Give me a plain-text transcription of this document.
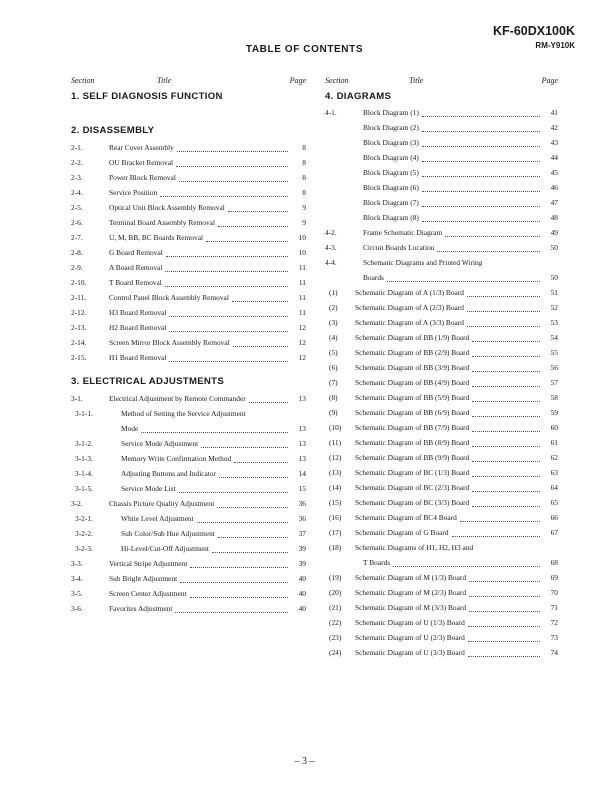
KF-60DX100K
RM-Y910K
TABLE OF CONTENTS
Section	Title	Page
1. SELF DIAGNOSIS FUNCTION
2. DISASSEMBLY
2-1.	Rear Cover Assembly	8
2-2.	OU Bracket Removal	8
2-3.	Power Block Removal	8
2-4.	Service Position	8
2-5.	Optical Unit Block Assembly Removal	9
2-6.	Terminal Board Assembly Removal	9
2-7.	U, M, BB, BC Boards Removal	10
2-8.	G Board Removal	10
2-9.	A Board Removal	11
2-10.	T Board Removal	11
2-11.	Control Panel Block Assembly Removal	11
2-12.	H3 Board Removal	11
2-13.	H2 Board Removal	12
2-14.	Screen Mirror Block Assembly Removal	12
2-15.	H1 Board Removal	12
3. ELECTRICAL ADJUSTMENTS
3-1.	Electrical Adjustment by Remote Commander	13
3-1-1.	Method of Setting the Service Adjustment
Mode	13
3-1-2.	Service Mode Adjustment	13
3-1-3.	Memory Write Confirmation Method	13
3-1-4.	Adjusting Buttons and Indicator	14
3-1-5.	Service Mode List	15
3-2.	Chassis Picture Quality Adjustment	36
3-2-1.	White Level Adjustment	36
3-2-2.	Sub Color/Sub Hue Adjustment	37
3-2-3.	Hi-Level/Cut-Off Adjustment	39
3-3.	Vertical Stripe Adjustment	39
3-4.	Sub Bright Adjustment	40
3-5.	Screen Center Adjustment	40
3-6.	Favorites Adjustment	40
Section	Title	Page
4. DIAGRAMS
4-1.	Block Diagram (1)	41
Block Diagram (2)	42
Block Diagram (3)	43
Block Diagram (4)	44
Block Diagram (5)	45
Block Diagram (6)	46
Block Diagram (7)	47
Block Diagram (8)	48
4-2.	Frame Schematic Diagram	49
4-3.	Circuit Boards Location	50
4-4.	Schematic Diagrams and Printed Wiring
Boards	50
(1)	Schematic Diagram of A (1/3) Board	51
(2)	Schematic Diagram of A (2/3) Board	52
(3)	Schematic Diagram of A (3/3) Board	53
(4)	Schematic Diagram of BB (1/9) Board	54
(5)	Schematic Diagram of BB (2/9) Board	55
(6)	Schematic Diagram of BB (3/9) Board	56
(7)	Schematic Diagram of BB (4/9) Board	57
(8)	Schematic Diagram of BB (5/9) Board	58
(9)	Schematic Diagram of BB (6/9) Board	59
(10)	Schematic Diagram of BB (7/9) Board	60
(11)	Schematic Diagram of BB (8/9) Board	61
(12)	Schematic Diagram of BB (9/9) Board	62
(13)	Schematic Diagram of BC (1/3) Board	63
(14)	Schematic Diagram of BC (2/3) Board	64
(15)	Schematic Diagram of BC (3/3) Board	65
(16)	Schematic Diagram of BC4 Board	66
(17)	Schematic Diagram of G Board	67
(18)	Schematic Diagrams of H1, H2, H3 and
T Boards	68
(19)	Schematic Diagram of M (1/3) Board	69
(20)	Schematic Diagram of M (2/3) Board	70
(21)	Schematic Diagram of M (3/3) Board	71
(22)	Schematic Diagram of U (1/3) Board	72
(23)	Schematic Diagram of U (2/3) Board	73
(24)	Schematic Diagram of U (3/3) Board	74
– 3 –
